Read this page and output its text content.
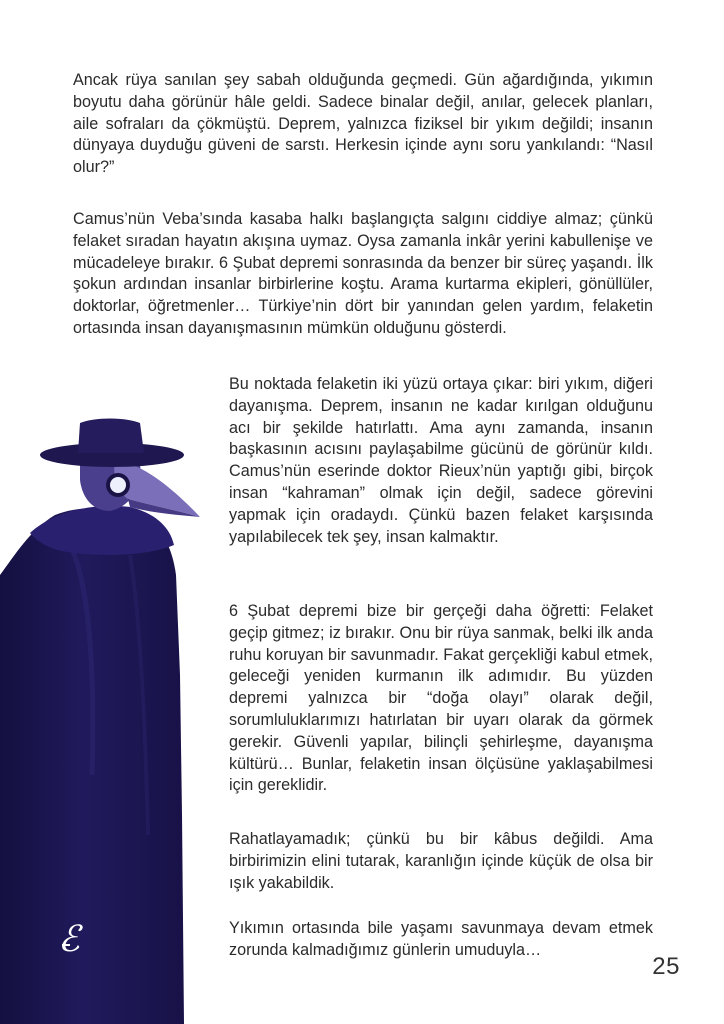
Ancak rüya sanılan şey sabah olduğunda geçmedi. Gün ağardığında, yıkımın boyutu daha görünür hâle geldi. Sadece binalar değil, anılar, gelecek planları, aile sofraları da çökmüştü. Deprem, yalnızca fiziksel bir yıkım değildi; insanın dünyaya duyduğu güveni de sarstı. Herkesin içinde aynı soru yankılandı: “Nasıl olur?”

Camus’nün Veba’sında kasaba halkı başlangıçta salgını ciddiye almaz; çünkü felaket sıradan hayatın akışına uymaz. Oysa zamanla inkâr yerini kabullenişe ve mücadeleye bırakır. 6 Şubat depremi sonrasında da benzer bir süreç yaşandı. İlk şokun ardından insanlar birbirlerine koştu. Arama kurtarma ekipleri, gönüllüler, doktorlar, öğretmenler… Türkiye’nin dört bir yanından gelen yardım, felaketin ortasında insan dayanışmasının mümkün olduğunu gösterdi.

Bu noktada felaketin iki yüzü ortaya çıkar: biri yıkım, diğeri dayanışma. Deprem, insanın ne kadar kırılgan olduğunu acı bir şekilde hatırlattı. Ama aynı zamanda, insanın başkasının acısını paylaşabilme gücünü de görünür kıldı. Camus’nün eserinde doktor Rieux’nün yaptığı gibi, birçok insan “kahraman” olmak için değil, sadece görevini yapmak için oradaydı. Çünkü bazen felaket karşısında yapılabilecek tek şey, insan kalmaktır.

6 Şubat depremi bize bir gerçeği daha öğretti: Felaket geçip gitmez; iz bırakır. Onu bir rüya sanmak, belki ilk anda ruhu koruyan bir savunmadır. Fakat gerçekliği kabul etmek, geleceği yeniden kurmanın ilk adımıdır. Bu yüzden depremi yalnızca bir “doğa olayı” olarak değil, sorumluluklarımızı hatırlatan bir uyarı olarak da görmek gerekir. Güvenli yapılar, bilinçli şehirleşme, dayanışma kültürü… Bunlar, felaketin insan ölçüsüne yaklaşabilmesi için gereklidir.

Rahatlayamadık; çünkü bu bir kâbus değildi. Ama birbirimizin elini tutarak, karanlığın içinde küçük de olsa bir ışık yakabildik.

Yıkımın ortasında bile yaşamı savunmaya devam etmek zorunda kalmadığımız günlerin umuduyla…

25
ℰ
